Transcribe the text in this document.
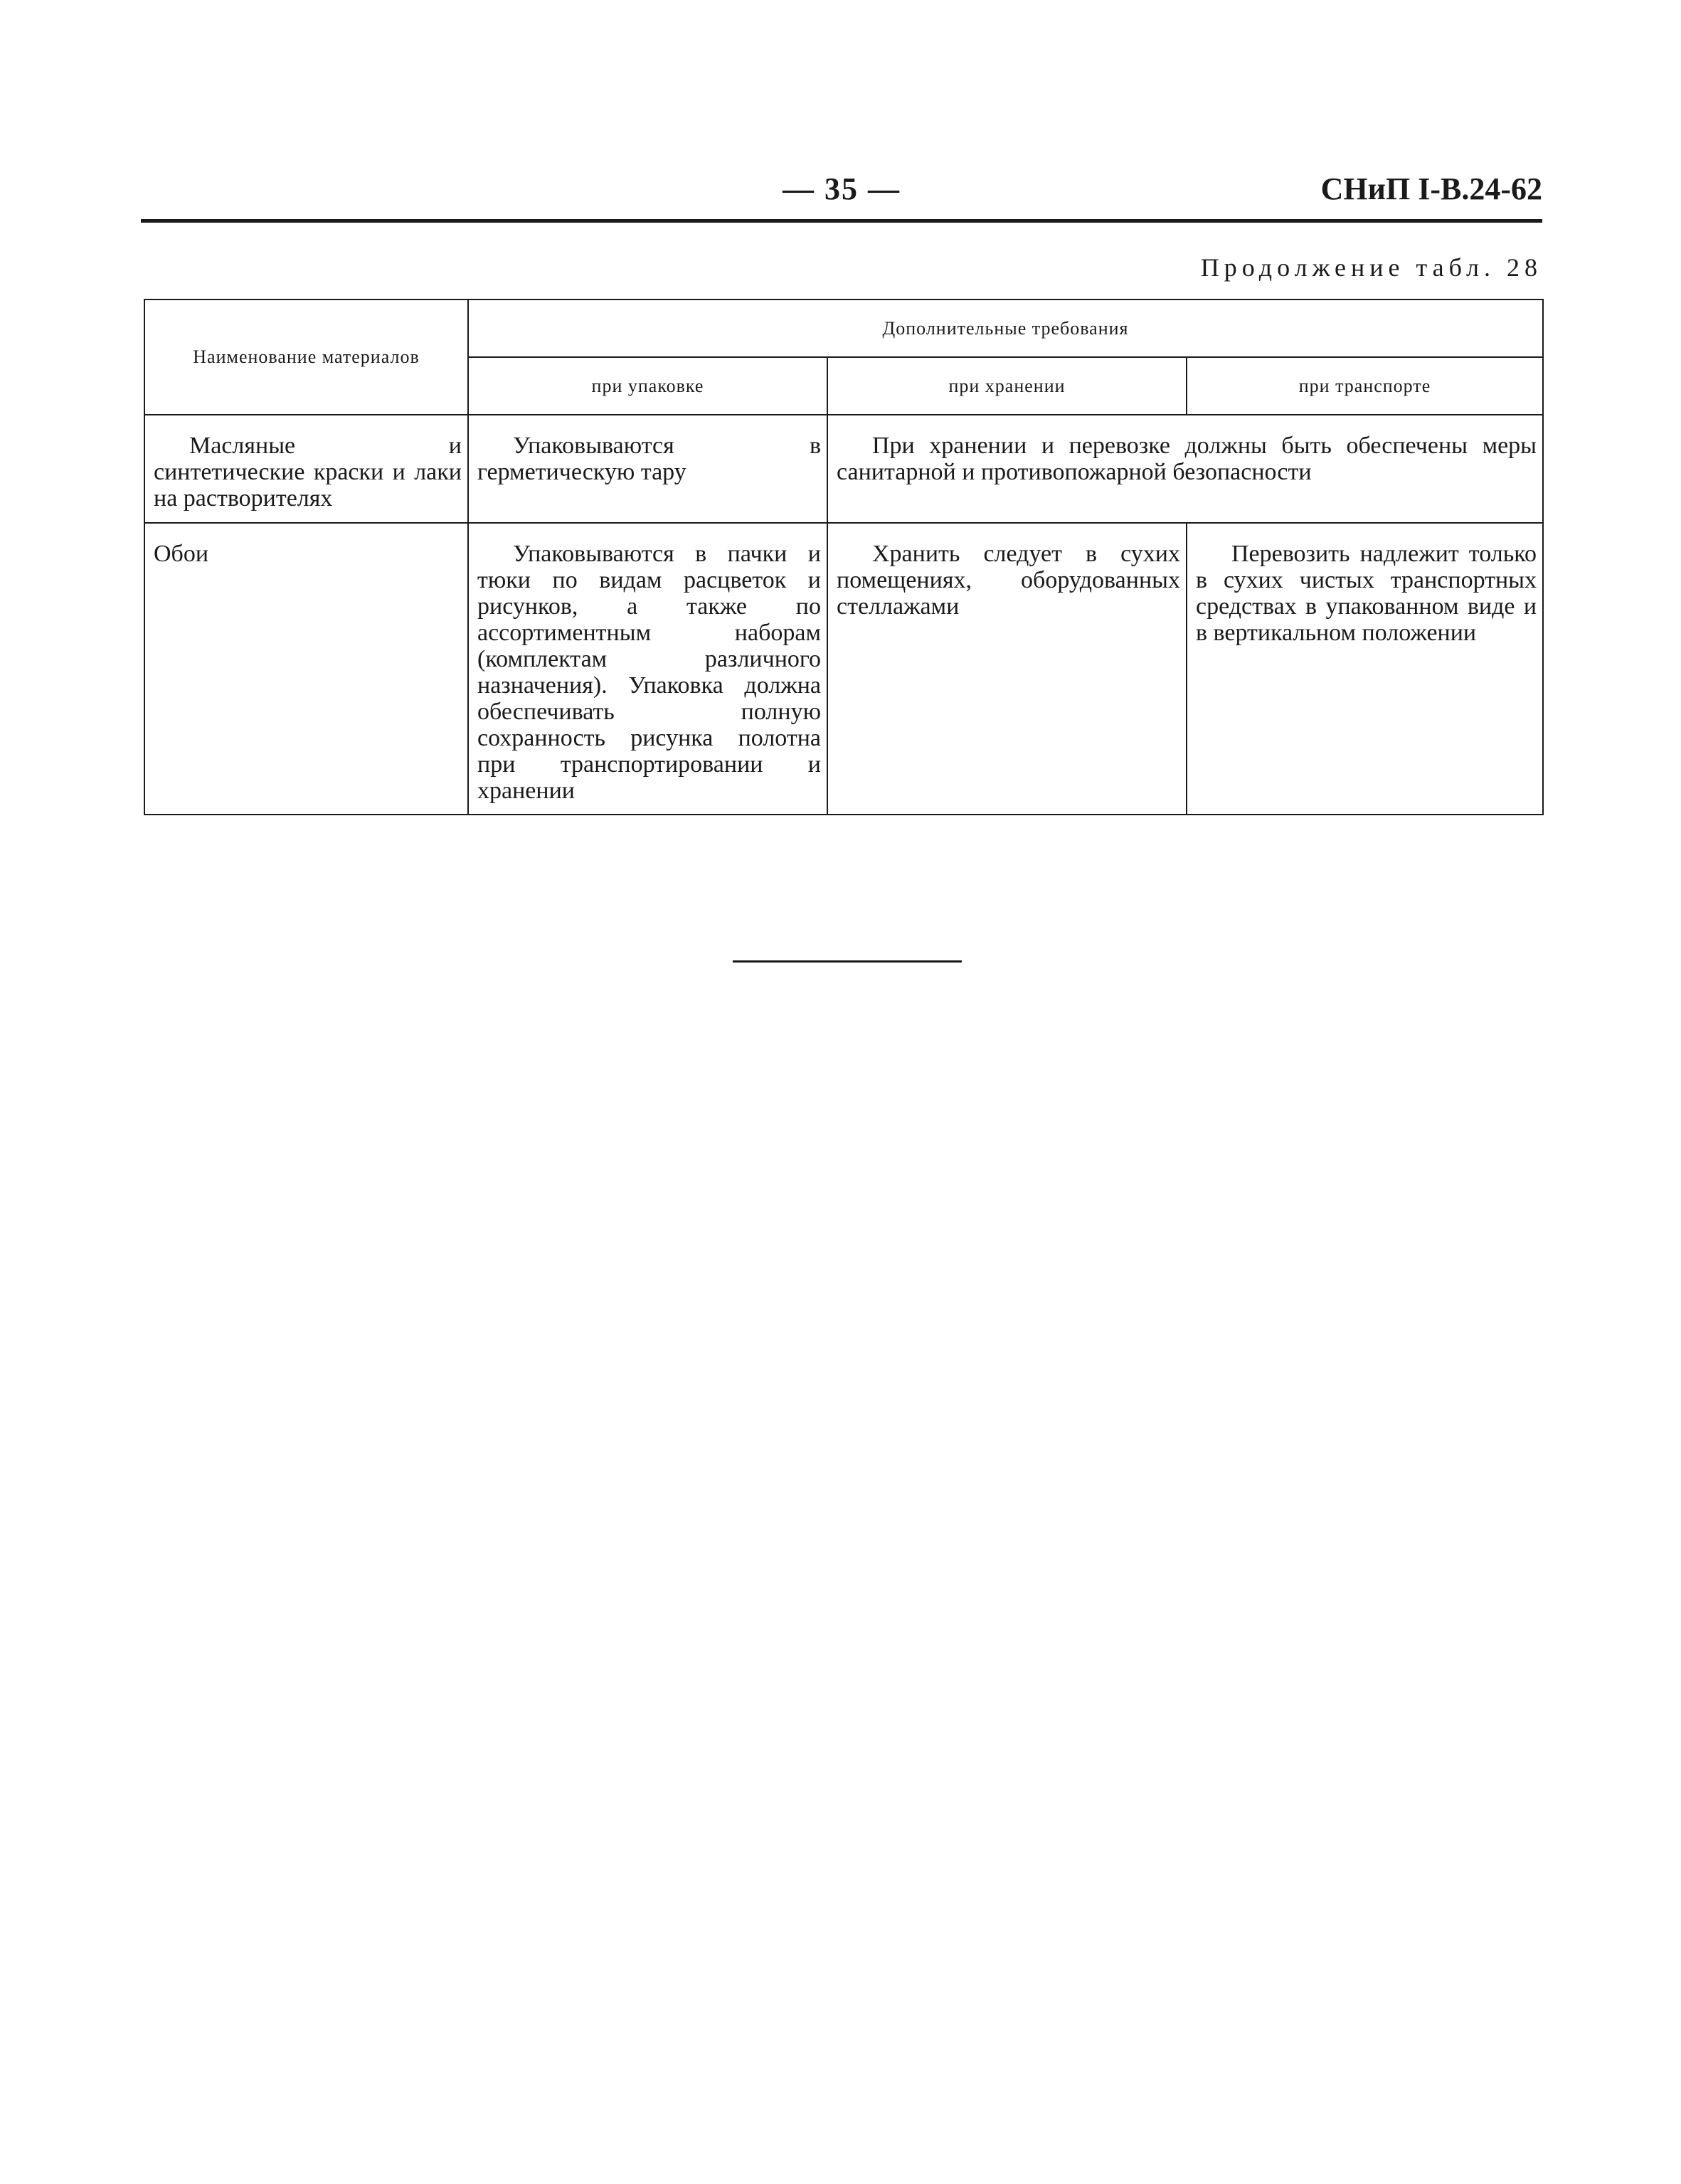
— 35 —	СНиП I-В.24-62
Продолжение табл. 28
Наименование материалов	Дополнительные требования		
	при упаковке	при хранении	при транспорте
Масляные и синтетические краски и лаки на растворителях	Упаковываются в герметическую тару	При хранении и перевозке должны быть обеспечены меры санитарной и противопожарной безопасности	
Обои	Упаковываются в пачки и тюки по видам расцветок и рисунков, а также по ассортиментным наборам (комплектам различного назначения). Упаковка должна обеспечивать полную сохранность рисунка полотна при транспортировании и хранении	Хранить следует в сухих помещениях, оборудованных стеллажами	Перевозить надлежит только в сухих чистых транспортных средствах в упакованном виде и в вертикальном положении
